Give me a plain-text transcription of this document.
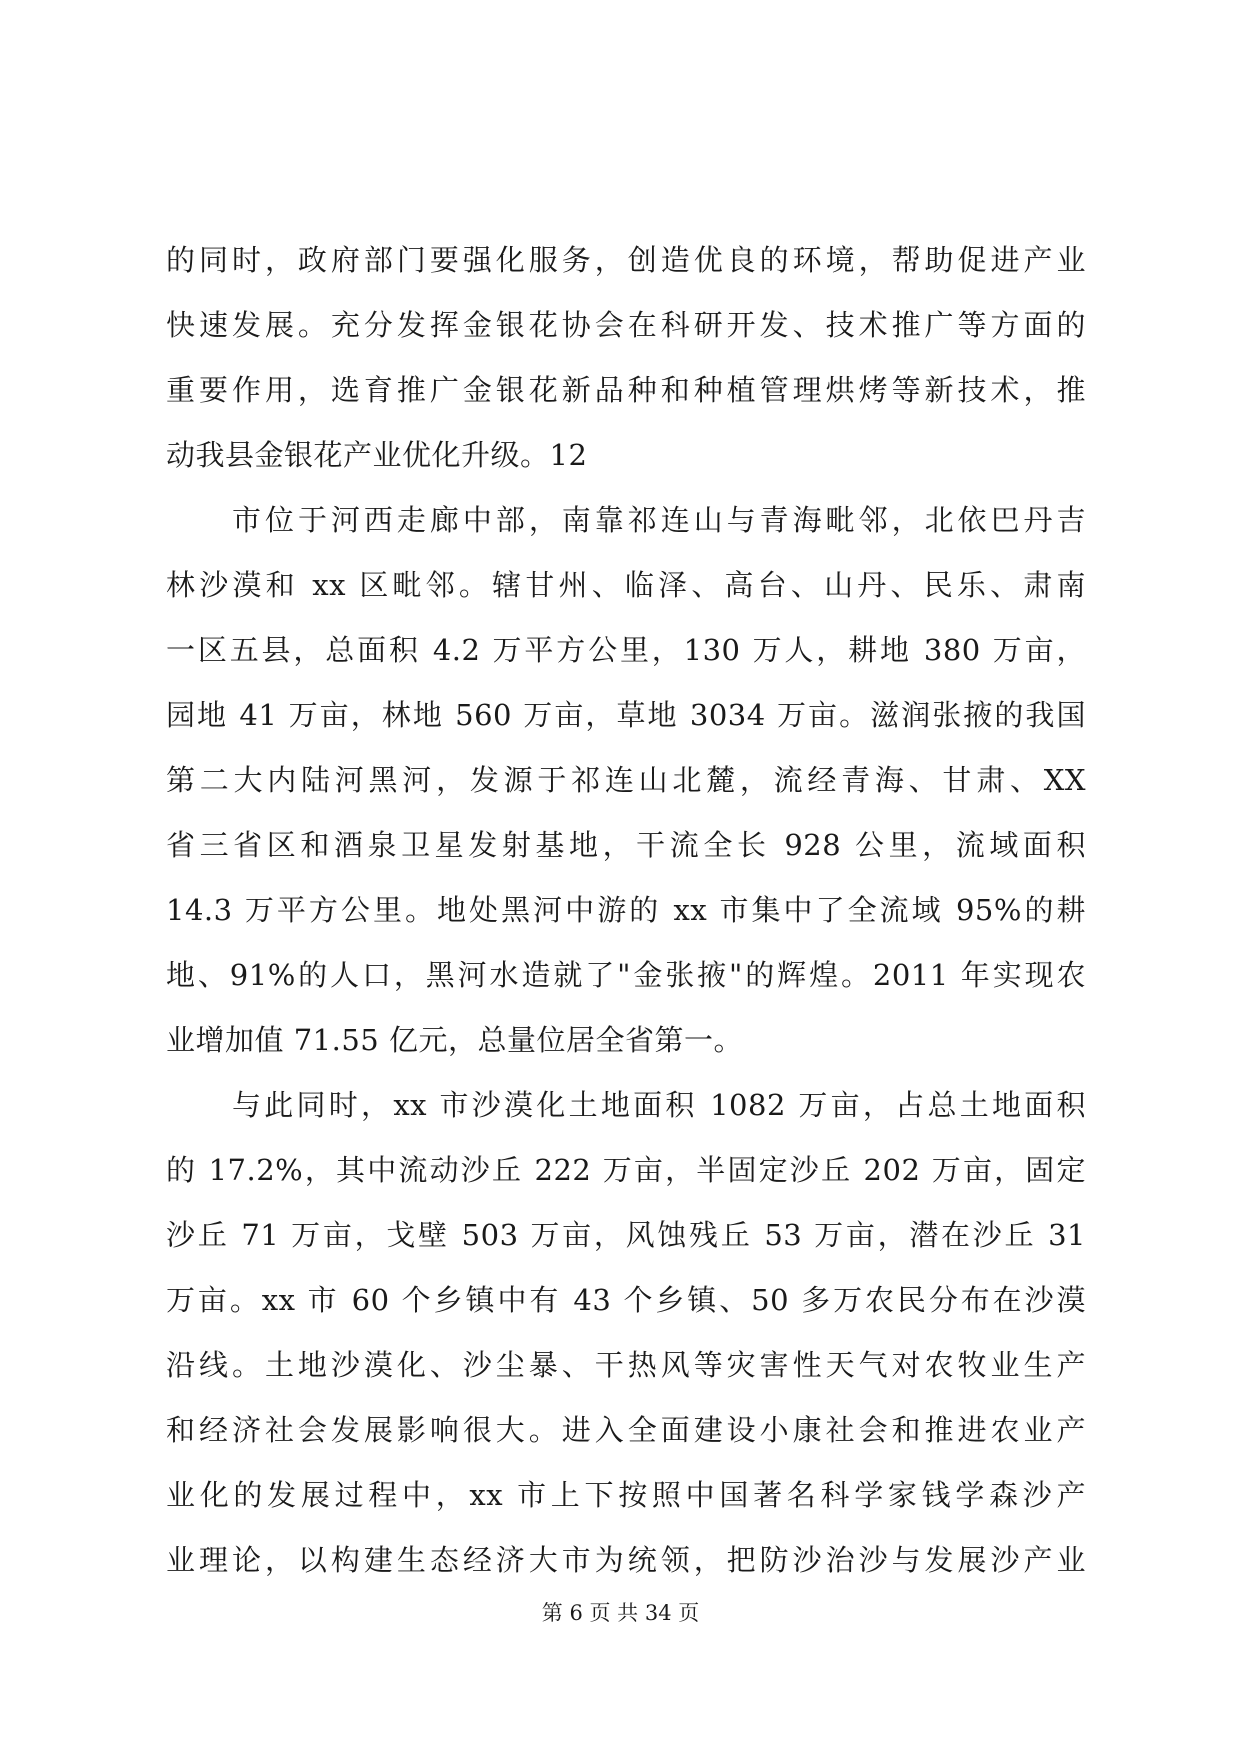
的同时，政府部门要强化服务，创造优良的环境，帮助促进产业
快速发展。充分发挥金银花协会在科研开发、技术推广等方面的
重要作用，选育推广金银花新品种和种植管理烘烤等新技术，推
动我县金银花产业优化升级。12
市位于河西走廊中部，南靠祁连山与青海毗邻，北依巴丹吉
林沙漠和 xx 区毗邻。辖甘州、临泽、高台、山丹、民乐、肃南
一区五县，总面积 4.2 万平方公里，130 万人，耕地 380 万亩，
园地 41 万亩，林地 560 万亩，草地 3034 万亩。滋润张掖的我国
第二大内陆河黑河，发源于祁连山北麓，流经青海、甘肃、XX
省三省区和酒泉卫星发射基地，干流全长 928 公里，流域面积
14.3 万平方公里。地处黑河中游的 xx 市集中了全流域 95%的耕
地、91%的人口，黑河水造就了"金张掖"的辉煌。2011 年实现农
业增加值 71.55 亿元，总量位居全省第一。
与此同时，xx 市沙漠化土地面积 1082 万亩，占总土地面积
的 17.2%，其中流动沙丘 222 万亩，半固定沙丘 202 万亩，固定
沙丘 71 万亩，戈壁 503 万亩，风蚀残丘 53 万亩，潜在沙丘 31
万亩。xx 市 60 个乡镇中有 43 个乡镇、50 多万农民分布在沙漠
沿线。土地沙漠化、沙尘暴、干热风等灾害性天气对农牧业生产
和经济社会发展影响很大。进入全面建设小康社会和推进农业产
业化的发展过程中，xx 市上下按照中国著名科学家钱学森沙产
业理论，以构建生态经济大市为统领，把防沙治沙与发展沙产业
第 6 页 共 34 页
